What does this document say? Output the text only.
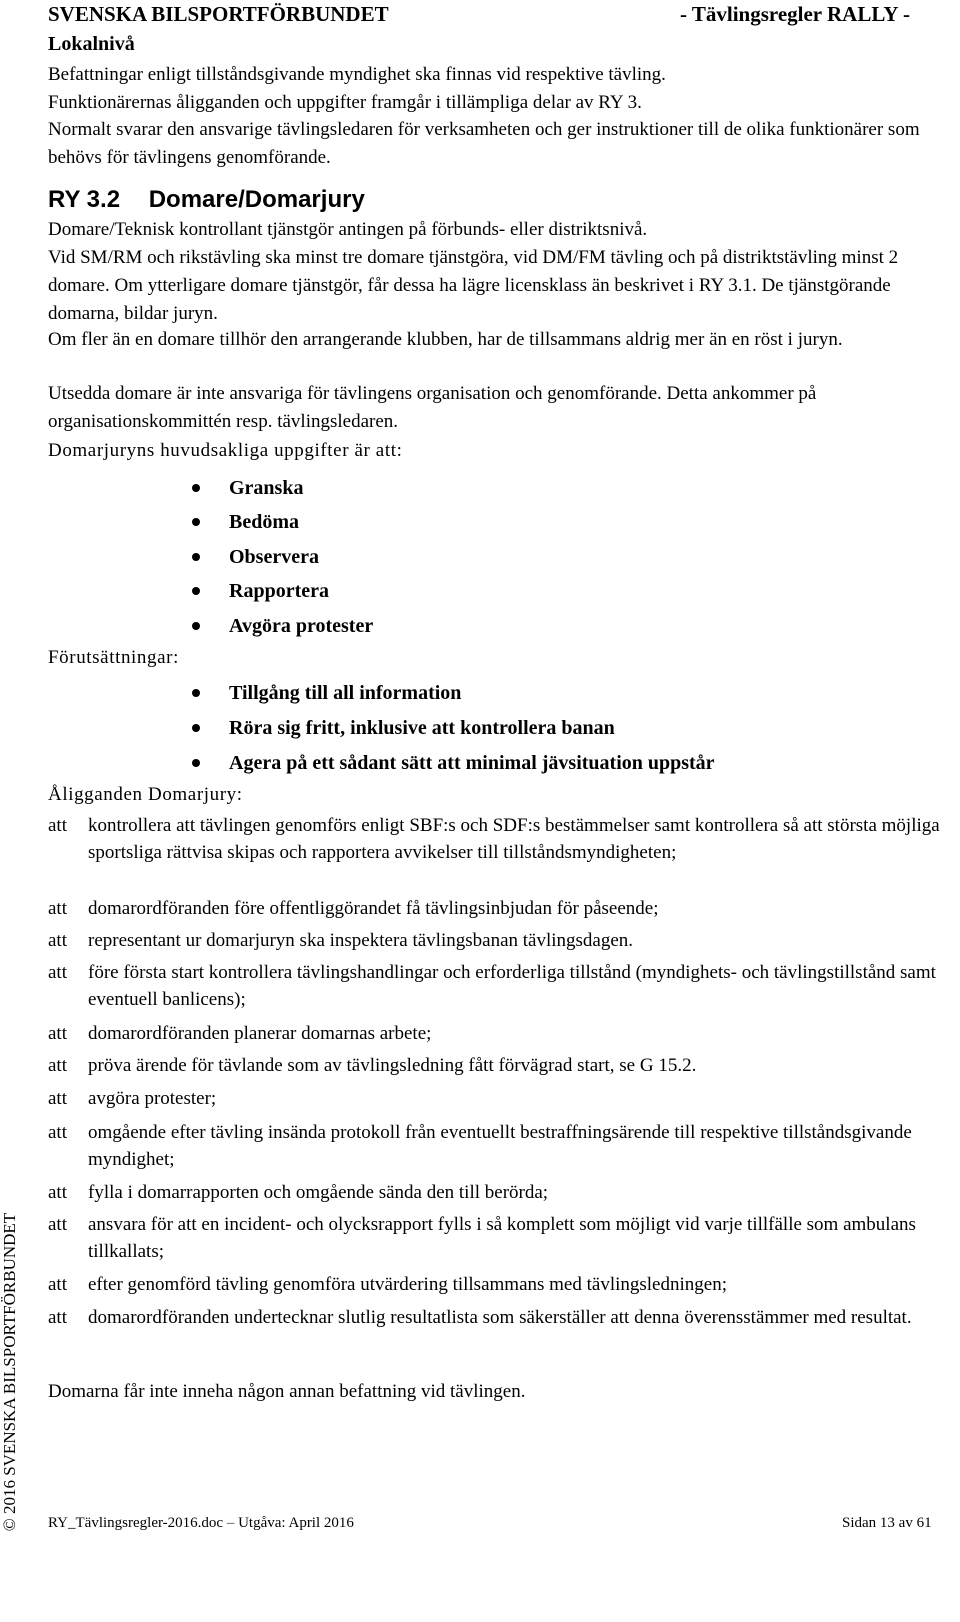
SVENSKA BILSPORTFÖRBUNDET	- Tävlingsregler RALLY -
Lokalnivå
Befattningar enligt tillståndsgivande myndighet ska finnas vid respektive tävling.
Funktionärernas åligganden och uppgifter framgår i tillämpliga delar av RY 3.
Normalt svarar den ansvarige tävlingsledaren för verksamheten och ger instruktioner till de olika funktionärer som behövs för tävlingens genomförande.
RY 3.2 Domare/Domarjury
Domare/Teknisk kontrollant tjänstgör antingen på förbunds- eller distriktsnivå.
Vid SM/RM och rikstävling ska minst tre domare tjänstgöra, vid DM/FM tävling och på distriktstävling minst 2 domare. Om ytterligare domare tjänstgör, får dessa ha lägre licensklass än beskrivet i RY 3.1. De tjänstgörande domarna, bildar juryn.
Om fler än en domare tillhör den arrangerande klubben, har de tillsammans aldrig mer än en röst i juryn.
Utsedda domare är inte ansvariga för tävlingens organisation och genomförande. Detta ankommer på organisationskommittén resp. tävlingsledaren.
Domarjuryns huvudsakliga uppgifter är att:
Granska
Bedöma
Observera
Rapportera
Avgöra protester
Förutsättningar:
Tillgång till all information
Röra sig fritt, inklusive att kontrollera banan
Agera på ett sådant sätt att minimal jävsituation uppstår
Åligganden Domarjury:
att kontrollera att tävlingen genomförs enligt SBF:s och SDF:s bestämmelser samt kontrollera så att största möjliga sportsliga rättvisa skipas och rapportera avvikelser till tillståndsmyndigheten;
att domarordföranden före offentliggörandet få tävlingsinbjudan för påseende;
att representant ur domarjuryn ska inspektera tävlingsbanan tävlingsdagen.
att före första start kontrollera tävlingshandlingar och erforderliga tillstånd (myndighets- och tävlingstillstånd samt eventuell banlicens);
att domarordföranden planerar domarnas arbete;
att pröva ärende för tävlande som av tävlingsledning fått förvägrad start, se G 15.2.
att avgöra protester;
att omgående efter tävling insända protokoll från eventuellt bestraffningsärende till respektive tillståndsgivande myndighet;
att fylla i domarrapporten och omgående sända den till berörda;
att ansvara för att en incident- och olycksrapport fylls i så komplett som möjligt vid varje tillfälle som ambulans tillkallats;
att efter genomförd tävling genomföra utvärdering tillsammans med tävlingsledningen;
att domarordföranden undertecknar slutlig resultatlista som säkerställer att denna överensstämmer med resultat.
Domarna får inte inneha någon annan befattning vid tävlingen.
© 2016 SVENSKA BILSPORTFÖRBUNDET	RY_Tävlingsregler-2016.doc – Utgåva: April 2016	Sidan 13 av 61
